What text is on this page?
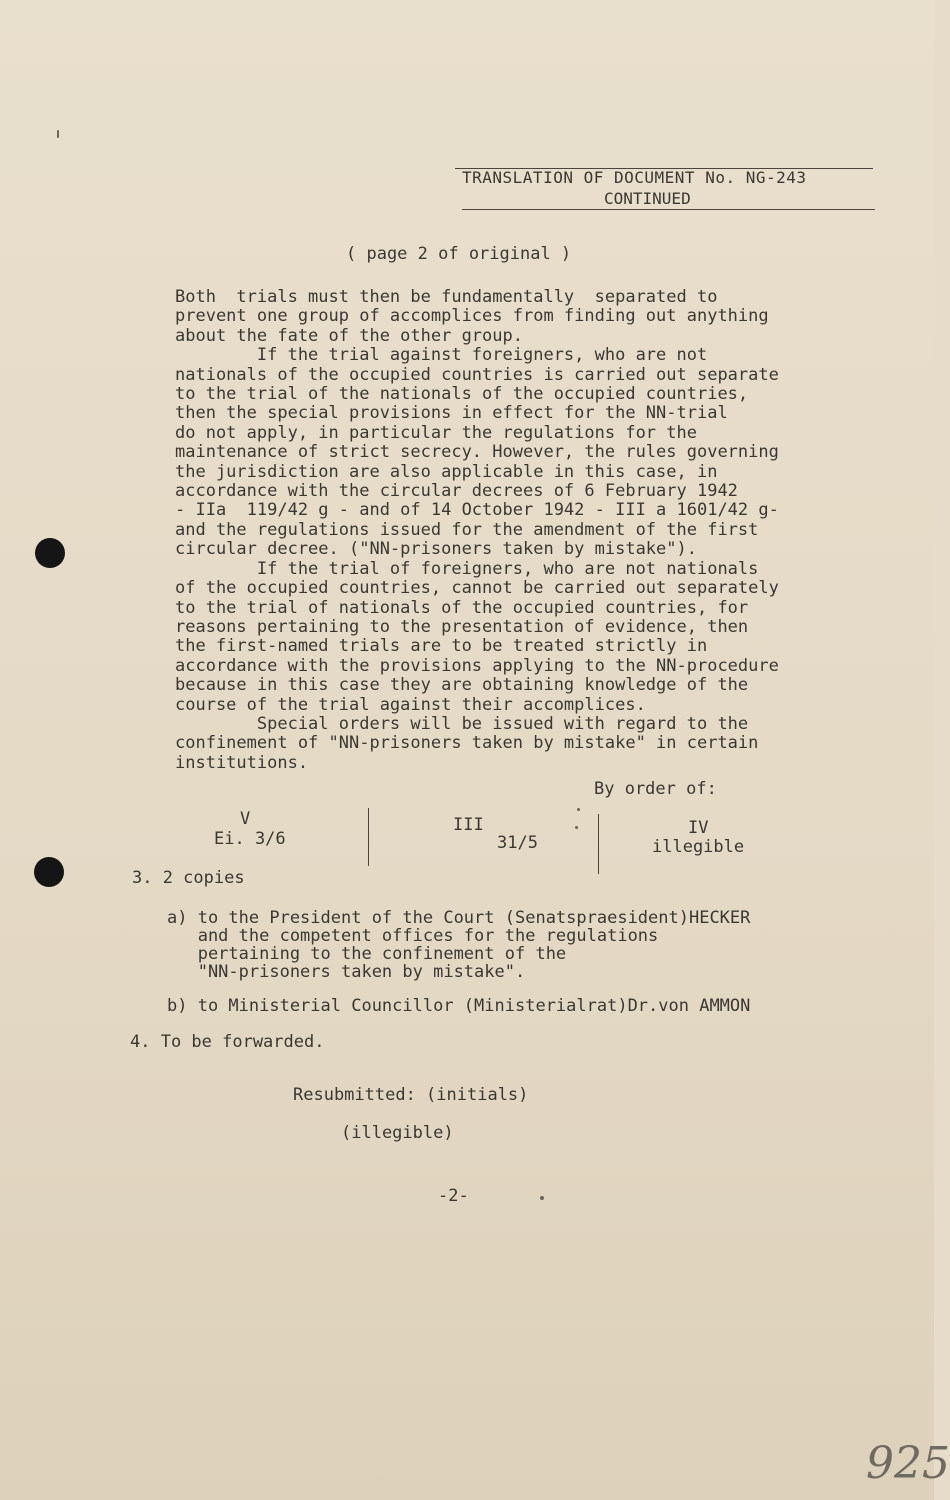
TRANSLATION OF DOCUMENT No. NG-243
CONTINUED
( page 2 of original )
Both  trials must then be fundamentally  separated to
prevent one group of accomplices from finding out anything
about the fate of the other group.
If the trial against foreigners, who are not
nationals of the occupied countries is carried out separate
to the trial of the nationals of the occupied countries,
then the special provisions in effect for the NN-trial
do not apply, in particular the regulations for the
maintenance of strict secrecy. However, the rules governing
the jurisdiction are also applicable in this case, in
accordance with the circular decrees of 6 February 1942
- IIa  119/42 g - and of 14 October 1942 - III a 1601/42 g-
and the regulations issued for the amendment of the first
circular decree. ("NN-prisoners taken by mistake").
If the trial of foreigners, who are not nationals
of the occupied countries, cannot be carried out separately
to the trial of nationals of the occupied countries, for
reasons pertaining to the presentation of evidence, then
the first-named trials are to be treated strictly in
accordance with the provisions applying to the NN-procedure
because in this case they are obtaining knowledge of the
course of the trial against their accomplices.
Special orders will be issued with regard to the
confinement of "NN-prisoners taken by mistake" in certain
institutions.
By order of:
V
Ei. 3/6
III
31/5
IV
illegible
3. 2 copies
a) to the President of the Court (Senatspraesident)HECKER
and the competent offices for the regulations
pertaining to the confinement of the
"NN-prisoners taken by mistake".
b) to Ministerial Councillor (Ministerialrat)Dr.von AMMON
4. To be forwarded.
Resubmitted: (initials)
(illegible)
-2-
925
